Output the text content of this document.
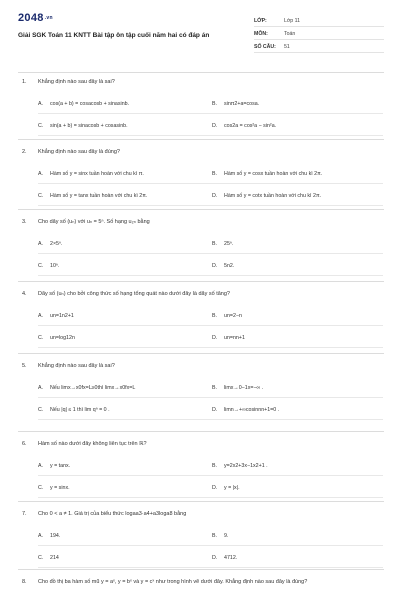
2048.vn
Giải SGK Toán 11 KNTT Bài tập ôn tập cuối năm hai có đáp án
LỚP:	Lớp 11
MÔN:	Toán
SỐ CÂU:	51
1. Khẳng định nào sau đây là sai?
A. cos(a + b) = cosacosb + sinasinb.	B. sinπ2+a=cosa.
C. sin(a + b) = sinacosb + cosasinb.	D. cos2a = cos²a − sin²a.
2. Khẳng định nào sau đây là đúng?
A. Hàm số y = sinx tuần hoàn với chu kì π.	B. Hàm số y = cosx tuần hoàn với chu kì 2π.
C. Hàm số y = tanx tuần hoàn với chu kì 2π.	D. Hàm số y = cotx tuần hoàn với chu kì 2π.
3. Cho dãy số (uₙ) với uₙ = 5ⁿ. Số hạng u₂ₙ bằng
A. 2×5ⁿ.	B. 25ⁿ.
C. 10ⁿ.	D. 5n2.
4. Dãy số (uₙ) cho bởi công thức số hạng tổng quát nào dưới đây là dãy số tăng?
A. un=1n2+1	B. un=2−n
C. un=log12n	D. un=nn+1
5. Khẳng định nào sau đây là sai?
A. Nếu limx→x0fx=L≥0thì limx→x0fx=L	B. limx→0−1x=−∞ .
C. Nếu |q| ≤ 1 thì lim qⁿ = 0 .	D. limn→+∞cosinnn+1=0 .
6. Hàm số nào dưới đây không liên tục trên ℝ?
A. y = tanx.	B. y=2x2+3x−1x2+1 .
C. y = sinx.	D. y = |x|.
7. Cho 0 < a ≠ 1. Giá trị của biểu thức logaa3·a4+a3loga8 bằng
A. 194.	B. 9.
C. 214	D. 4712.
8. Cho đồ thị ba hàm số mũ y = aˣ, y = bˣ và y = cˣ như trong hình vẽ dưới đây. Khẳng định nào sau đây là đúng?
